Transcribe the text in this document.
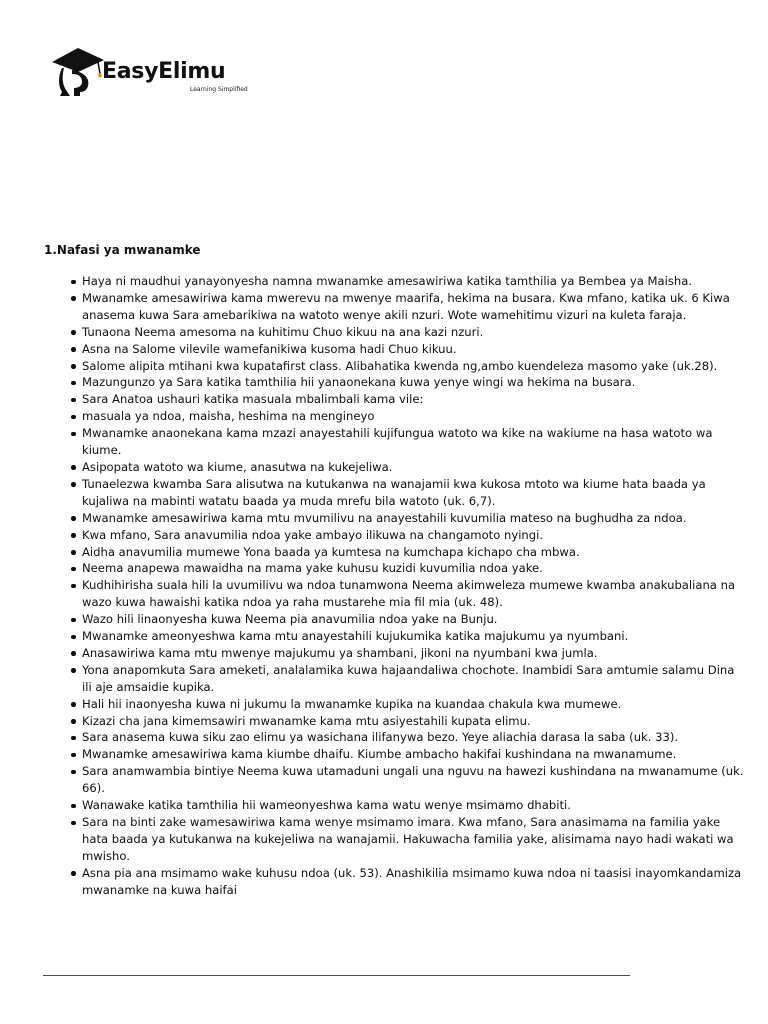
EasyElimu
Learning Simplified
1.Nafasi ya mwanamke
Haya ni maudhui yanayonyesha namna mwanamke amesawiriwa katika tamthilia ya Bembea ya Maisha.
Mwanamke amesawiriwa kama mwerevu na mwenye maarifa, hekima na busara. Kwa mfano, katika uk. 6 Kiwa anasema kuwa Sara amebarikiwa na watoto wenye akili nzuri. Wote wamehitimu vizuri na kuleta faraja.
Tunaona Neema amesoma na kuhitimu Chuo kikuu na ana kazi nzuri.
Asna na Salome vilevile wamefanikiwa kusoma hadi Chuo kikuu.
Salome alipita mtihani kwa kupatafirst class. Alibahatika kwenda ng,ambo kuendeleza masomo yake (uk.28).
Mazungunzo ya Sara katika tamthilia hii yanaonekana kuwa yenye wingi wa hekima na busara.
Sara Anatoa ushauri katika masuala mbalimbali kama vile:
masuala ya ndoa, maisha, heshima na mengineyo
Mwanamke anaonekana kama mzazi anayestahili kujifungua watoto wa kike na wakiume na hasa watoto wa kiume.
Asipopata watoto wa kiume, anasutwa na kukejeliwa.
Tunaelezwa kwamba Sara alisutwa na kutukanwa na wanajamii kwa kukosa mtoto wa kiume hata baada ya kujaliwa na mabinti watatu baada ya muda mrefu bila watoto (uk. 6,7).
Mwanamke amesawiriwa kama mtu mvumilivu na anayestahili kuvumilia mateso na bughudha za ndoa.
Kwa mfano, Sara anavumilia ndoa yake ambayo ilikuwa na changamoto nyingi.
Aidha anavumilia mumewe Yona baada ya kumtesa na kumchapa kichapo cha mbwa.
Neema anapewa mawaidha na mama yake kuhusu kuzidi kuvumilia ndoa yake.
Kudhihirisha suala hili la uvumilivu wa ndoa tunamwona Neema akimweleza mumewe kwamba anakubaliana na wazo kuwa hawaishi katika ndoa ya raha mustarehe mia fil mia (uk. 48).
Wazo hili linaonyesha kuwa Neema pia anavumilia ndoa yake na Bunju.
Mwanamke ameonyeshwa kama mtu anayestahili kujukumika katika majukumu ya nyumbani.
Anasawiriwa kama mtu mwenye majukumu ya shambani, jikoni na nyumbani kwa jumla.
Yona anapomkuta Sara ameketi, analalamika kuwa hajaandaliwa chochote. Inambidi Sara amtumie salamu Dina ili aje amsaidie kupika.
Hali hii inaonyesha kuwa ni jukumu la mwanamke kupika na kuandaa chakula kwa mumewe.
Kizazi cha jana kimemsawiri mwanamke kama mtu asiyestahili kupata elimu.
Sara anasema kuwa siku zao elimu ya wasichana ilifanywa bezo. Yeye aliachia darasa la saba (uk. 33).
Mwanamke amesawiriwa kama kiumbe dhaifu. Kiumbe ambacho hakifai kushindana na mwanamume.
Sara anamwambia bintiye Neema kuwa utamaduni ungali una nguvu na hawezi kushindana na mwanamume (uk. 66).
Wanawake katika tamthilia hii wameonyeshwa kama watu wenye msimamo dhabiti.
Sara na binti zake wamesawiriwa kama wenye msimamo imara. Kwa mfano, Sara anasimama na familia yake hata baada ya kutukanwa na kukejeliwa na wanajamii. Hakuwacha familia yake, alisimama nayo hadi wakati wa mwisho.
Asna pia ana msimamo wake kuhusu ndoa (uk. 53). Anashikilia msimamo kuwa ndoa ni taasisi inayomkandamiza mwanamke na kuwa haifai
